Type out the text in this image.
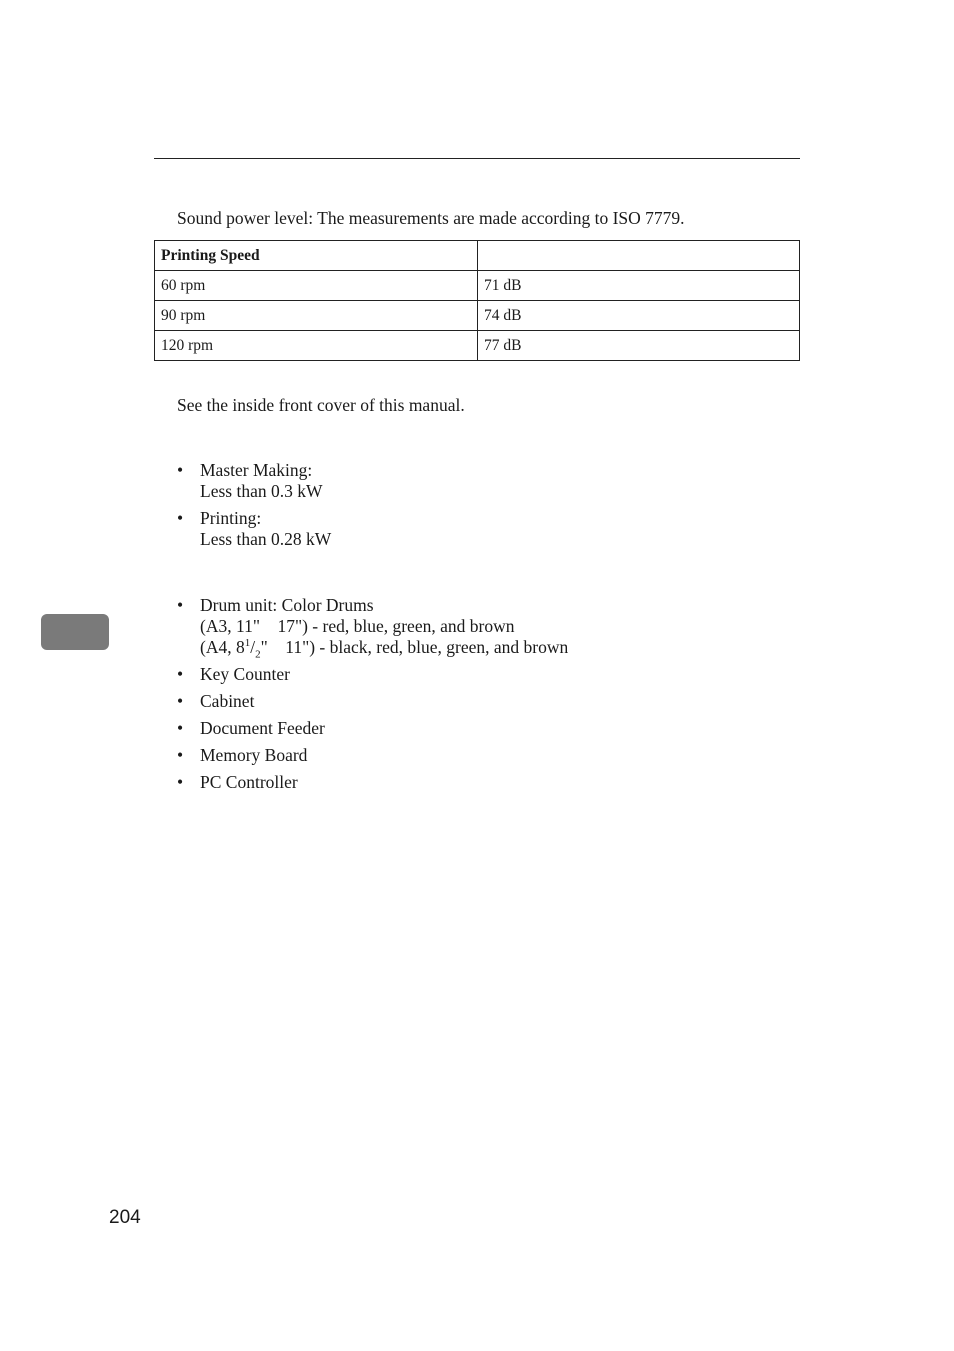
Sound power level: The measurements are made according to ISO 7779.
Printing Speed	
60 rpm	71 dB
90 rpm	74 dB
120 rpm	77 dB
See the inside front cover of this manual.
• Master Making:
Less than 0.3 kW
• Printing:
Less than 0.28 kW
• Drum unit: Color Drums
(A3, 11"    17") - red, blue, green, and brown
(A4, $8^1/_2$"    11") - black, red, blue, green, and brown
• Key Counter
• Cabinet
• Document Feeder
• Memory Board
• PC Controller
204
